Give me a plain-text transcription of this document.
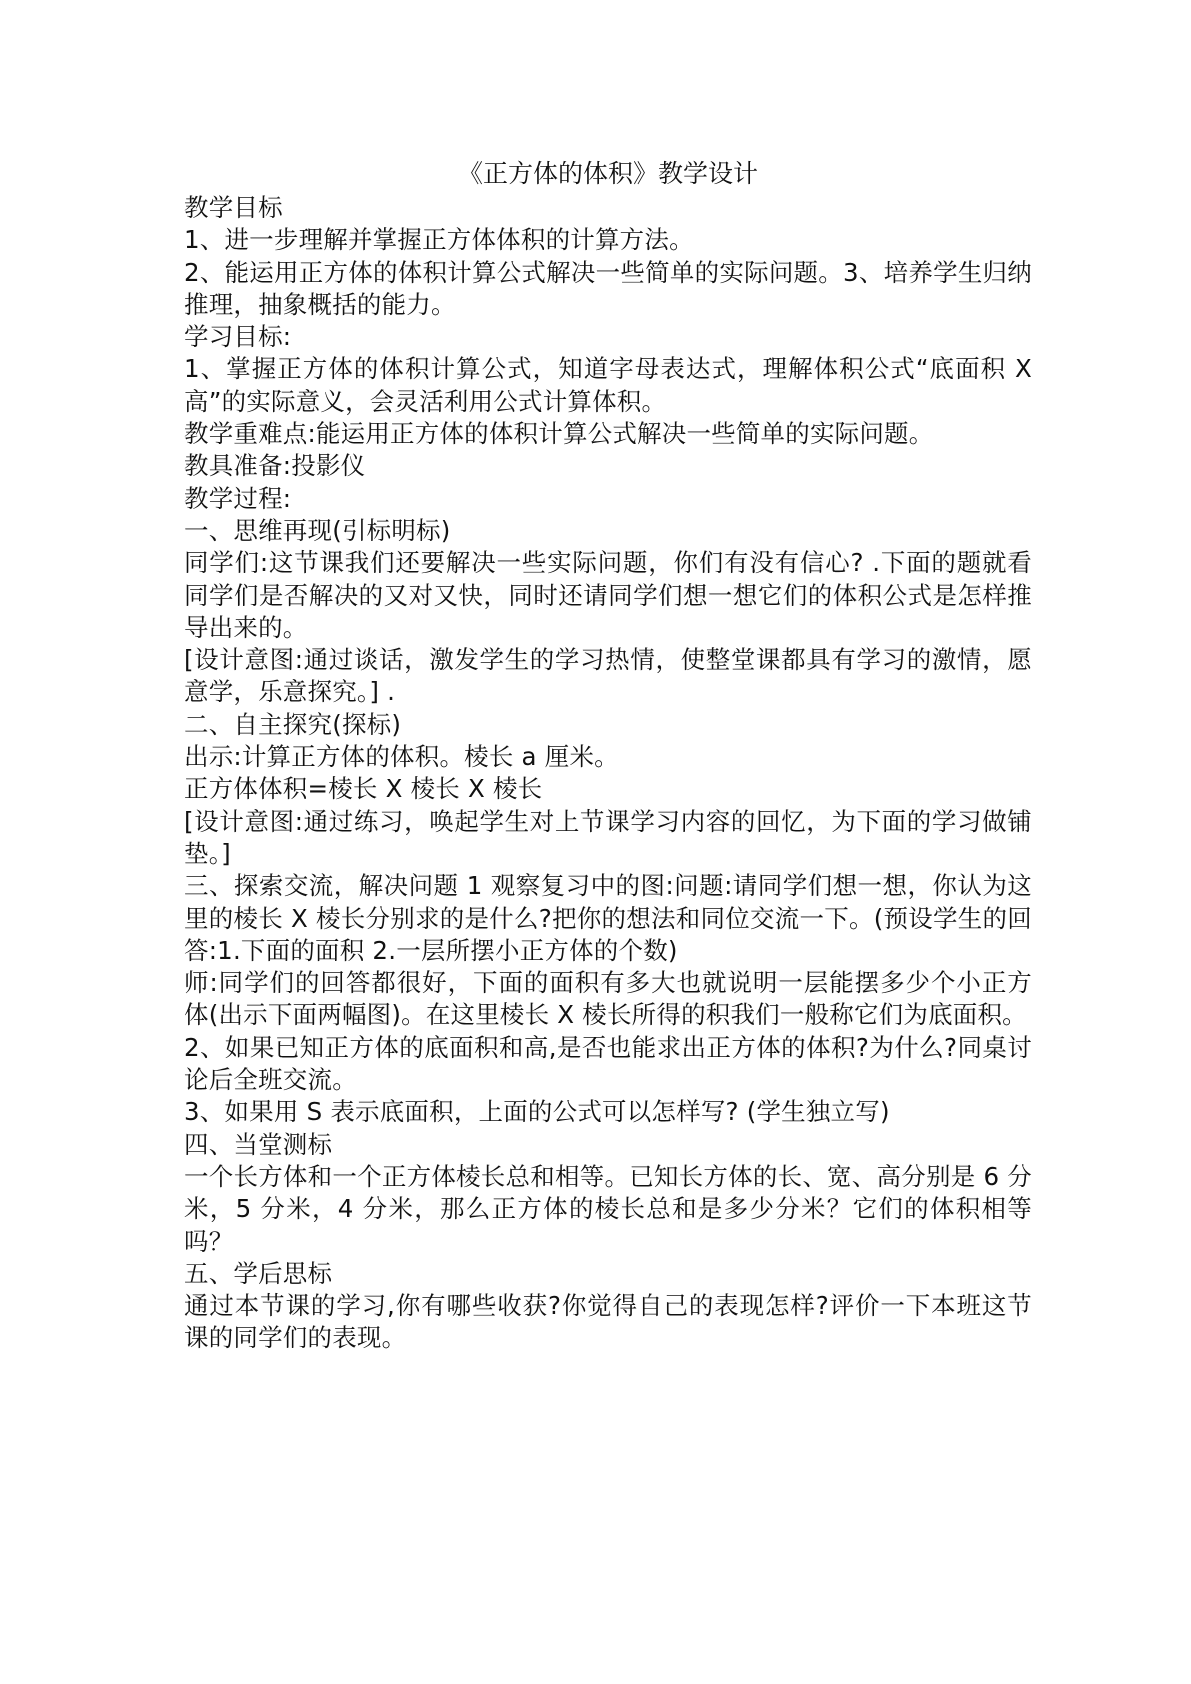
《正方体的体积》教学设计

教学目标

1、进一步理解并掌握正方体体积的计算方法。

2、能运用正方体的体积计算公式解决一些简单的实际问题。3、培养学生归纳推理，抽象概括的能力。

学习目标:

1、掌握正方体的体积计算公式，知道字母表达式，理解体积公式“底面积 X 高”的实际意义，会灵活利用公式计算体积。

教学重难点:能运用正方体的体积计算公式解决一些简单的实际问题。

教具准备:投影仪

教学过程:

一、思维再现(引标明标)

同学们:这节课我们还要解决一些实际问题，你们有没有信心? .下面的题就看同学们是否解决的又对又快，同时还请同学们想一想它们的体积公式是怎样推导出来的。

[设计意图:通过谈话，激发学生的学习热情，使整堂课都具有学习的激情，愿意学，乐意探究。] .

二、自主探究(探标)

出示:计算正方体的体积。棱长 a 厘米。

正方体体积=棱长 X 棱长 X 棱长

[设计意图:通过练习，唤起学生对上节课学习内容的回忆，为下面的学习做铺垫。]

三、探索交流，解决问题 1 观察复习中的图:问题:请同学们想一想，你认为这里的棱长 X 棱长分别求的是什么?把你的想法和同位交流一下。(预设学生的回答:1.下面的面积 2.一层所摆小正方体的个数)

师:同学们的回答都很好，下面的面积有多大也就说明一层能摆多少个小正方体(出示下面两幅图)。在这里棱长 X 棱长所得的积我们一般称它们为底面积。

2、如果已知正方体的底面积和高,是否也能求出正方体的体积?为什么?同桌讨论后全班交流。

3、如果用 S 表示底面积，上面的公式可以怎样写? (学生独立写)

四、当堂测标

一个长方体和一个正方体棱长总和相等。已知长方体的长、宽、高分别是 6 分米，5 分米，4 分米，那么正方体的棱长总和是多少分米？它们的体积相等吗？

五、学后思标

通过本节课的学习,你有哪些收获?你觉得自己的表现怎样?评价一下本班这节课的同学们的表现。
